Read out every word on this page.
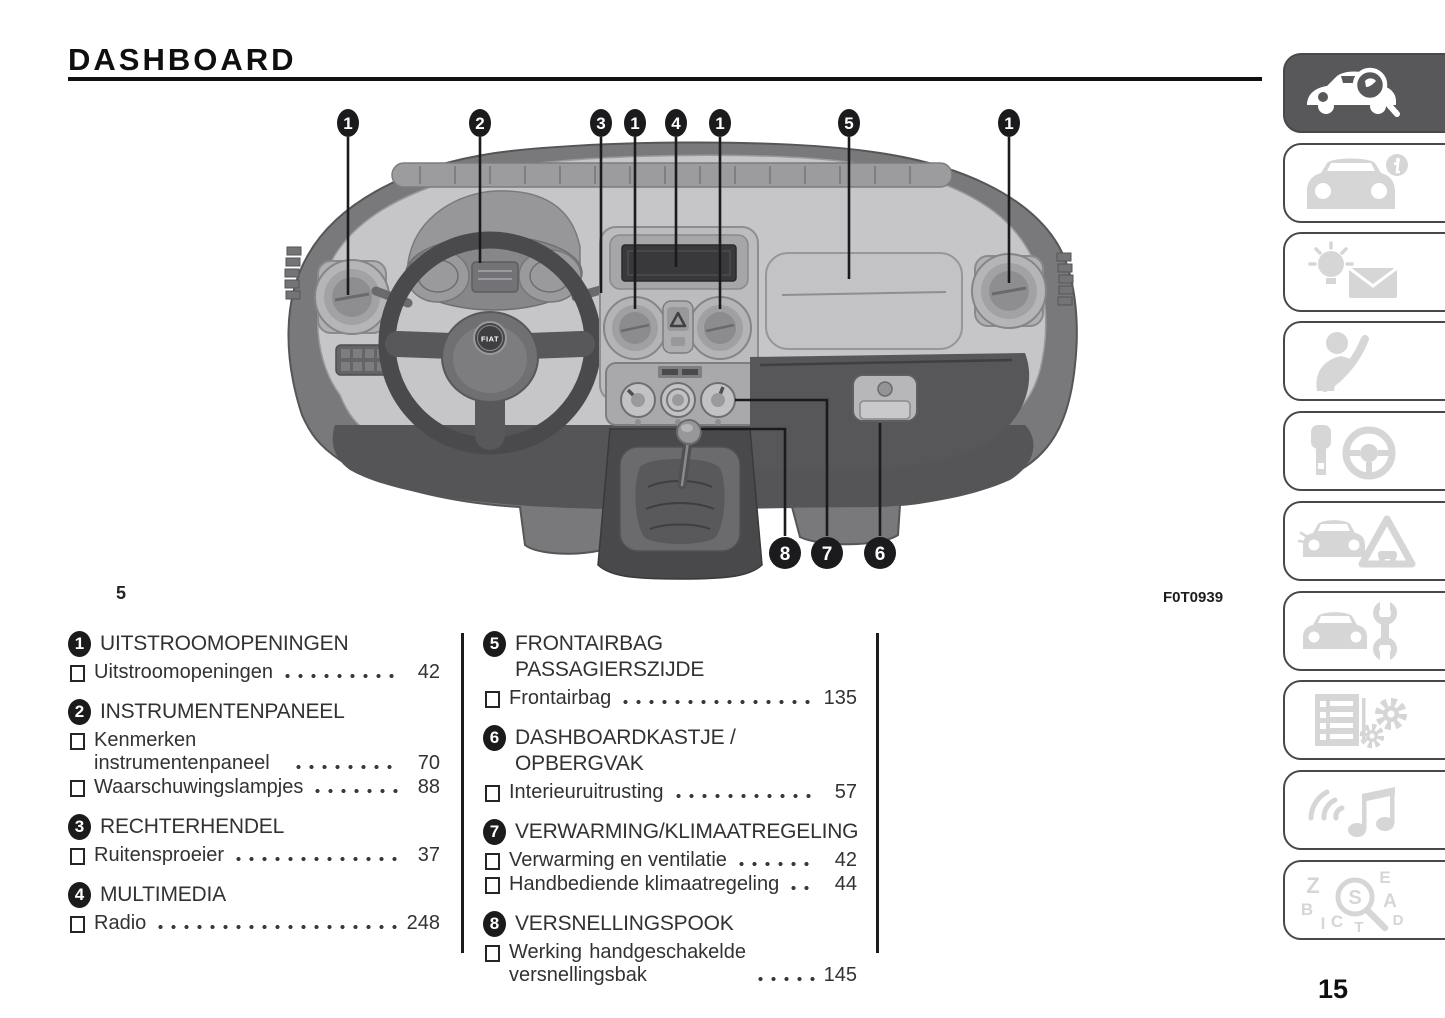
DASHBOARD
FIAT
1	2	3 1 4 1	5	1
8 7 6
5	F0T0939
1 UITSTROOMOPENINGEN
Uitstroomopeningen	42
2 INSTRUMENTENPANEEL
Kenmerken instrumentenpaneel	70
Waarschuwingslampjes	88
3 RECHTERHENDEL
Ruitensproeier	37
4 MULTIMEDIA
Radio	248
5 FRONTAIRBAG PASSAGIERSZIJDE
Frontairbag	135
6 DASHBOARDKASTJE / OPBERGVAK
Interieuruitrusting	57
7 VERWARMING/KLIMAATREGELING
Verwarming en ventilatie	42
Handbediende klimaatregeling	44
8 VERSNELLINGSPOOK
Werking handgeschakelde versnellingsbak	145
Z	E
B	A
C	D
I T
S
15
